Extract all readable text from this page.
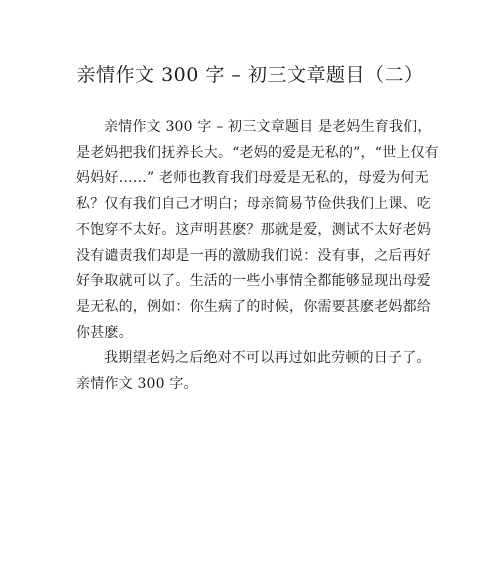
亲情作文 300 字 – 初三文章题目（二）
亲情作文 300 字 – 初三文章题目 是老妈生育我们，
是老妈把我们抚养长大。“老妈的爱是无私的”，“世上仅有
妈妈好……” 老师也教育我们母爱是无私的，母爱为何无
私？仅有我们自己才明白；母亲简易节俭供我们上课、吃
不饱穿不太好。这声明甚麽？那就是爱，测试不太好老妈
没有谴责我们却是一再的激励我们说：没有事，之后再好
好争取就可以了。生活的一些小事情全都能够显现出母爱
是无私的，例如：你生病了的时候，你需要甚麽老妈都给
你甚麽。
我期望老妈之后绝对不可以再过如此劳顿的日子了。
亲情作文 300 字。
